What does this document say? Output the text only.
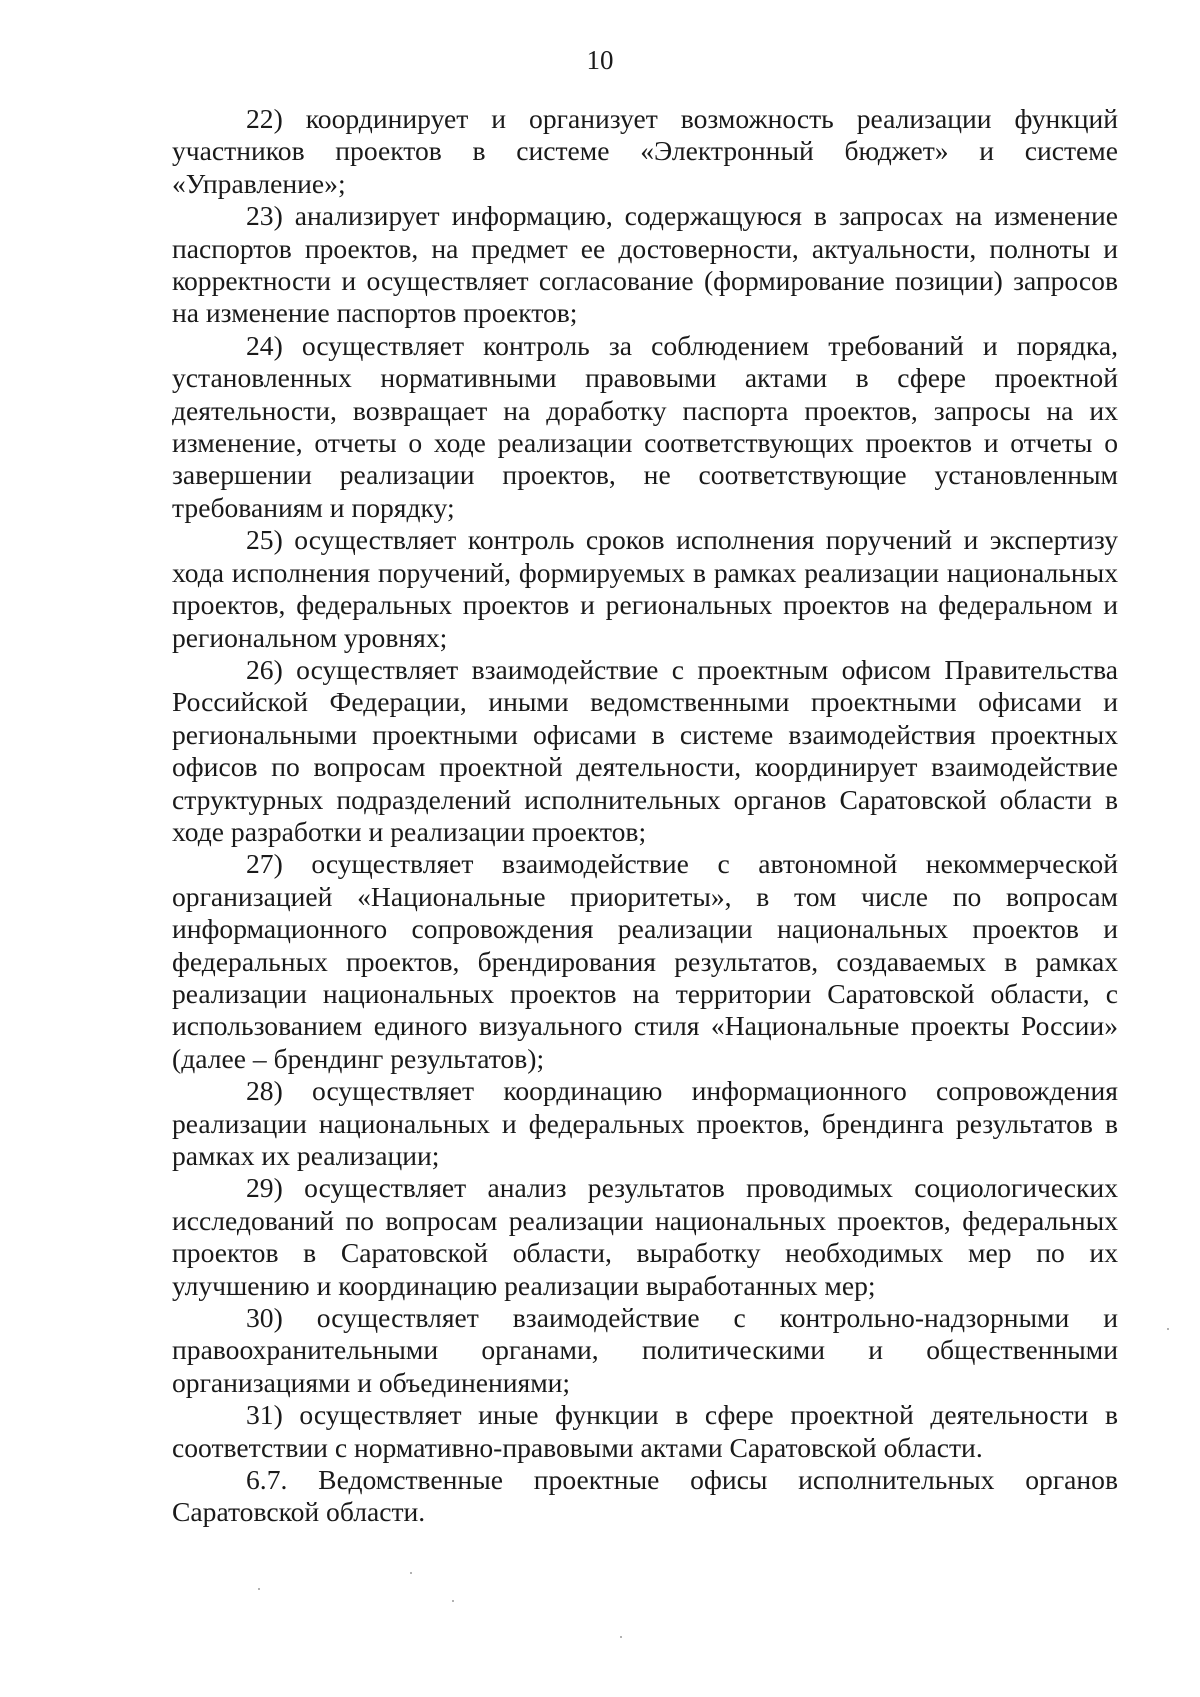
10

22) координирует и организует возможность реализации функций участников проектов в системе «Электронный бюджет» и системе «Управление»;

23) анализирует информацию, содержащуюся в запросах на изменение паспортов проектов, на предмет ее достоверности, актуальности, полноты и корректности и осуществляет согласование (формирование позиции) запросов на изменение паспортов проектов;

24) осуществляет контроль за соблюдением требований и порядка, установленных нормативными правовыми актами в сфере проектной деятельности, возвращает на доработку паспорта проектов, запросы на их изменение, отчеты о ходе реализации соответствующих проектов и отчеты о завершении реализации проектов, не соответствующие установленным требованиям и порядку;

25) осуществляет контроль сроков исполнения поручений и экспертизу хода исполнения поручений, формируемых в рамках реализации национальных проектов, федеральных проектов и региональных проектов на федеральном и региональном уровнях;

26) осуществляет взаимодействие с проектным офисом Правительства Российской Федерации, иными ведомственными проектными офисами и региональными проектными офисами в системе взаимодействия проектных офисов по вопросам проектной деятельности, координирует взаимодействие структурных подразделений исполнительных органов Саратовской области в ходе разработки и реализации проектов;

27) осуществляет взаимодействие с автономной некоммерческой организацией «Национальные приоритеты», в том числе по вопросам информационного сопровождения реализации национальных проектов и федеральных проектов, брендирования результатов, создаваемых в рамках реализации национальных проектов на территории Саратовской области, с использованием единого визуального стиля «Национальные проекты России» (далее – брендинг результатов);

28) осуществляет координацию информационного сопровождения реализации национальных и федеральных проектов, брендинга результатов в рамках их реализации;

29) осуществляет анализ результатов проводимых социологических исследований по вопросам реализации национальных проектов, федеральных проектов в Саратовской области, выработку необходимых мер по их улучшению и координацию реализации выработанных мер;

30) осуществляет взаимодействие с контрольно-надзорными и правоохранительными органами, политическими и общественными организациями и объединениями;

31) осуществляет иные функции в сфере проектной деятельности в соответствии с нормативно-правовыми актами Саратовской области.

6.7. Ведомственные проектные офисы исполнительных органов Саратовской области.
